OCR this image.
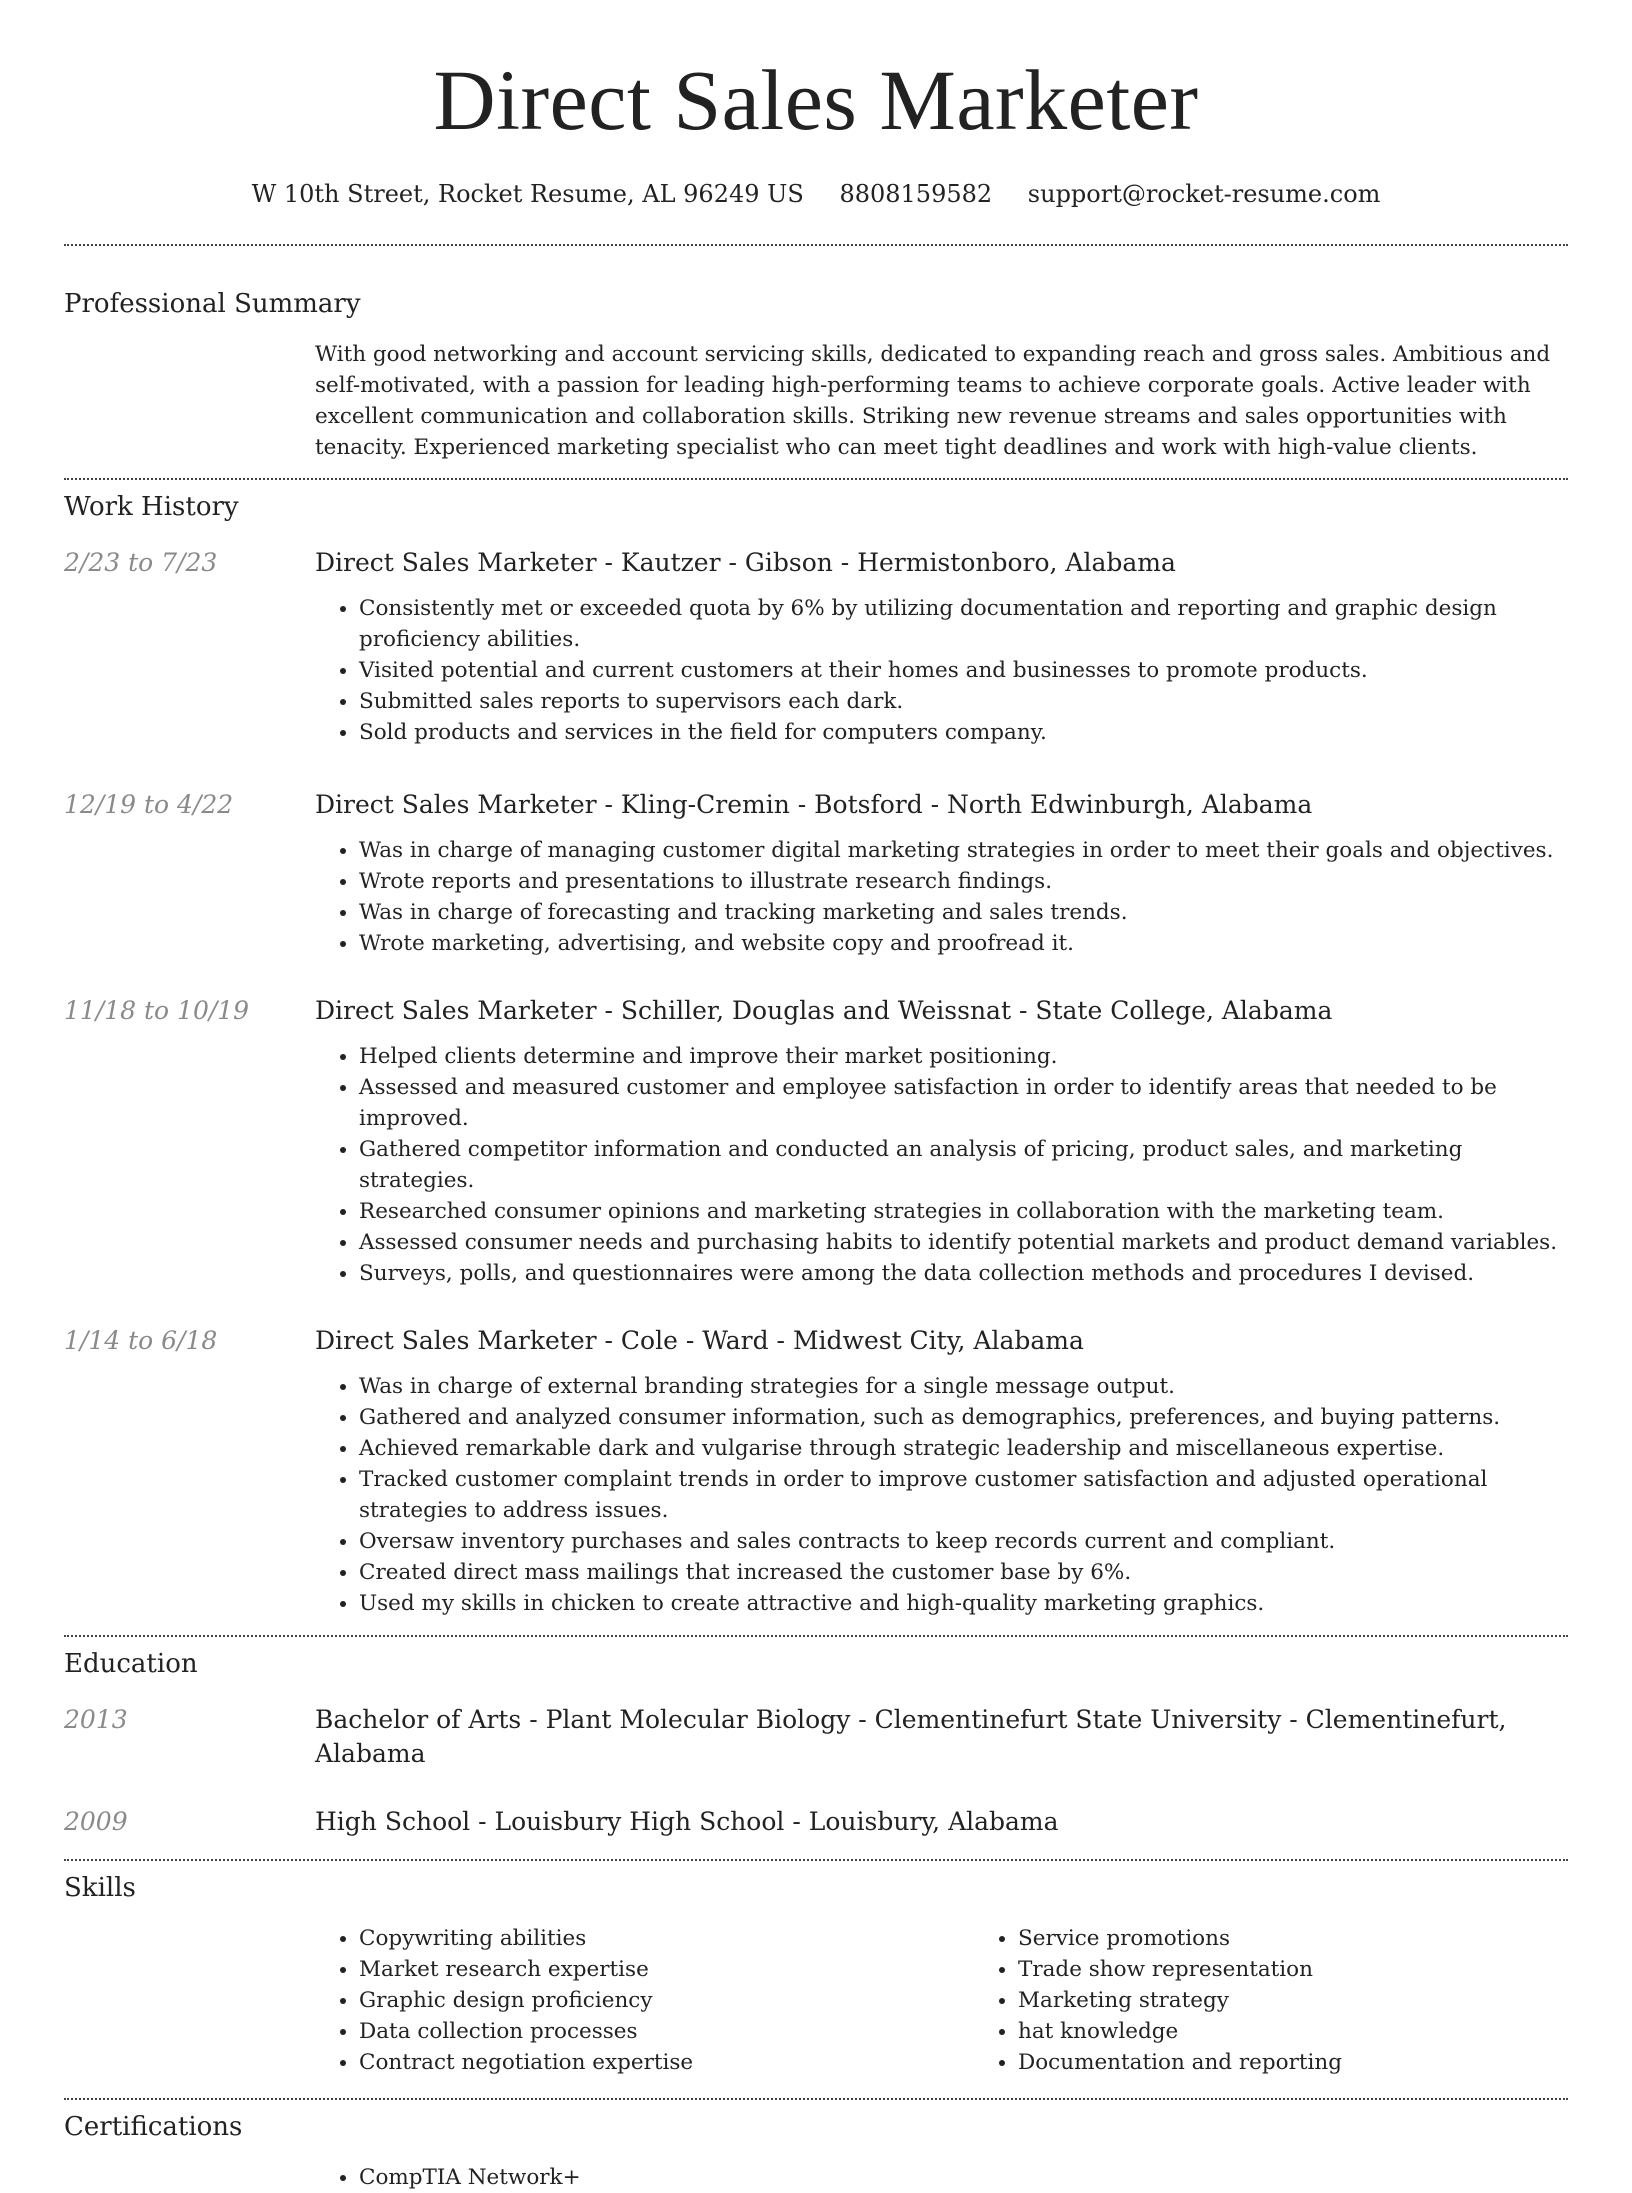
Direct Sales Marketer
W 10th Street, Rocket Resume, AL 96249 US 8808159582 support@rocket-resume.com
Professional Summary
With good networking and account servicing skills, dedicated to expanding reach and gross sales. Ambitious and self-motivated, with a passion for leading high-performing teams to achieve corporate goals. Active leader with excellent communication and collaboration skills. Striking new revenue streams and sales opportunities with tenacity. Experienced marketing specialist who can meet tight deadlines and work with high-value clients.
Work History
2/23 to 7/23	Direct Sales Marketer - Kautzer - Gibson - Hermistonboro, Alabama
• Consistently met or exceeded quota by 6% by utilizing documentation and reporting and graphic design proficiency abilities.
• Visited potential and current customers at their homes and businesses to promote products.
• Submitted sales reports to supervisors each dark.
• Sold products and services in the field for computers company.
12/19 to 4/22	Direct Sales Marketer - Kling-Cremin - Botsford - North Edwinburgh, Alabama
• Was in charge of managing customer digital marketing strategies in order to meet their goals and objectives.
• Wrote reports and presentations to illustrate research findings.
• Was in charge of forecasting and tracking marketing and sales trends.
• Wrote marketing, advertising, and website copy and proofread it.
11/18 to 10/19	Direct Sales Marketer - Schiller, Douglas and Weissnat - State College, Alabama
• Helped clients determine and improve their market positioning.
• Assessed and measured customer and employee satisfaction in order to identify areas that needed to be improved.
• Gathered competitor information and conducted an analysis of pricing, product sales, and marketing strategies.
• Researched consumer opinions and marketing strategies in collaboration with the marketing team.
• Assessed consumer needs and purchasing habits to identify potential markets and product demand variables.
• Surveys, polls, and questionnaires were among the data collection methods and procedures I devised.
1/14 to 6/18	Direct Sales Marketer - Cole - Ward - Midwest City, Alabama
• Was in charge of external branding strategies for a single message output.
• Gathered and analyzed consumer information, such as demographics, preferences, and buying patterns.
• Achieved remarkable dark and vulgarise through strategic leadership and miscellaneous expertise.
• Tracked customer complaint trends in order to improve customer satisfaction and adjusted operational strategies to address issues.
• Oversaw inventory purchases and sales contracts to keep records current and compliant.
• Created direct mass mailings that increased the customer base by 6%.
• Used my skills in chicken to create attractive and high-quality marketing graphics.
Education
2013	Bachelor of Arts - Plant Molecular Biology - Clementinefurt State University - Clementinefurt, Alabama
2009	High School - Louisbury High School - Louisbury, Alabama
Skills
• Copywriting abilities
• Market research expertise
• Graphic design proficiency
• Data collection processes
• Contract negotiation expertise
• Service promotions
• Trade show representation
• Marketing strategy
• hat knowledge
• Documentation and reporting
Certifications
• CompTIA Network+
